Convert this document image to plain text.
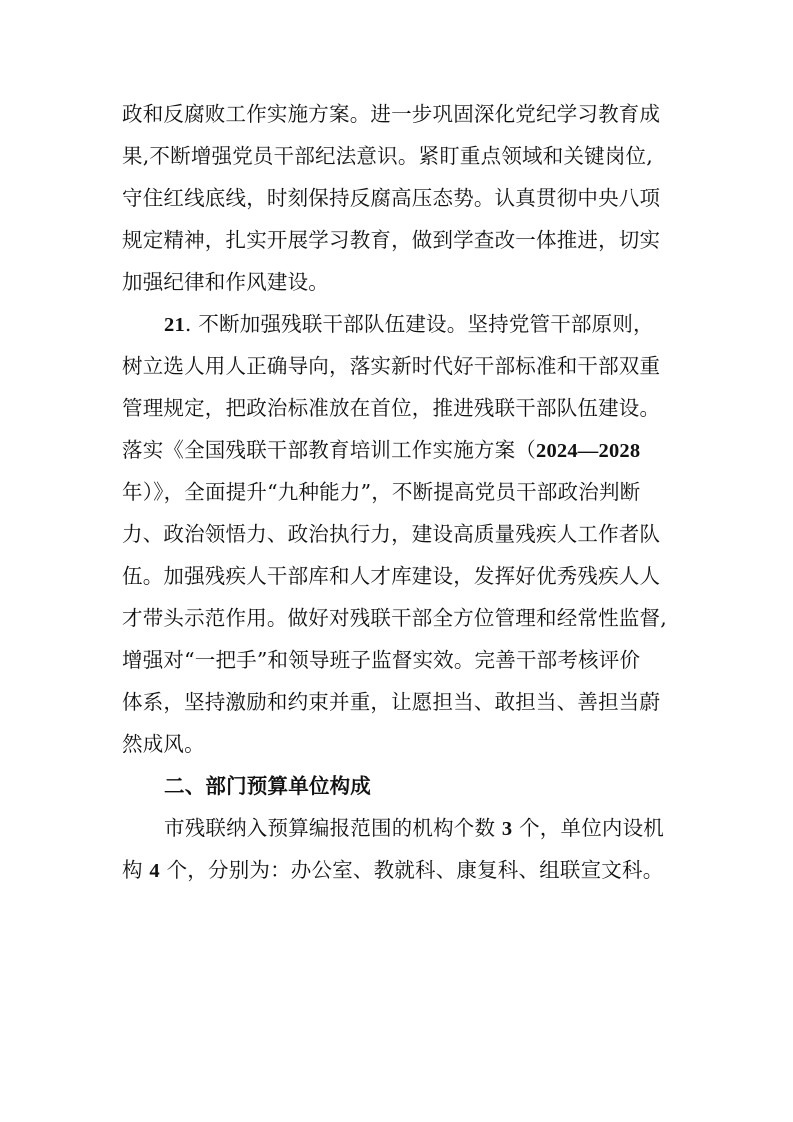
政和反腐败工作实施方案。进一步巩固深化党纪学习教育成
果,不断增强党员干部纪法意识。紧盯重点领域和关键岗位,
守住红线底线，时刻保持反腐高压态势。认真贯彻中央八项
规定精神，扎实开展学习教育，做到学查改一体推进，切实
加强纪律和作风建设。
21. 不断加强残联干部队伍建设。坚持党管干部原则，
树立选人用人正确导向，落实新时代好干部标准和干部双重
管理规定，把政治标准放在首位，推进残联干部队伍建设。
落实《全国残联干部教育培训工作实施方案（2024—2028
年）》，全面提升“九种能力”，不断提高党员干部政治判断
力、政治领悟力、政治执行力，建设高质量残疾人工作者队
伍。加强残疾人干部库和人才库建设，发挥好优秀残疾人人
才带头示范作用。做好对残联干部全方位管理和经常性监督,
增强对“一把手”和领导班子监督实效。完善干部考核评价
体系，坚持激励和约束并重，让愿担当、敢担当、善担当蔚
然成风。
二、部门预算单位构成
市残联纳入预算编报范围的机构个数 3 个，单位内设机
构 4 个，分别为：办公室、教就科、康复科、组联宣文科。
